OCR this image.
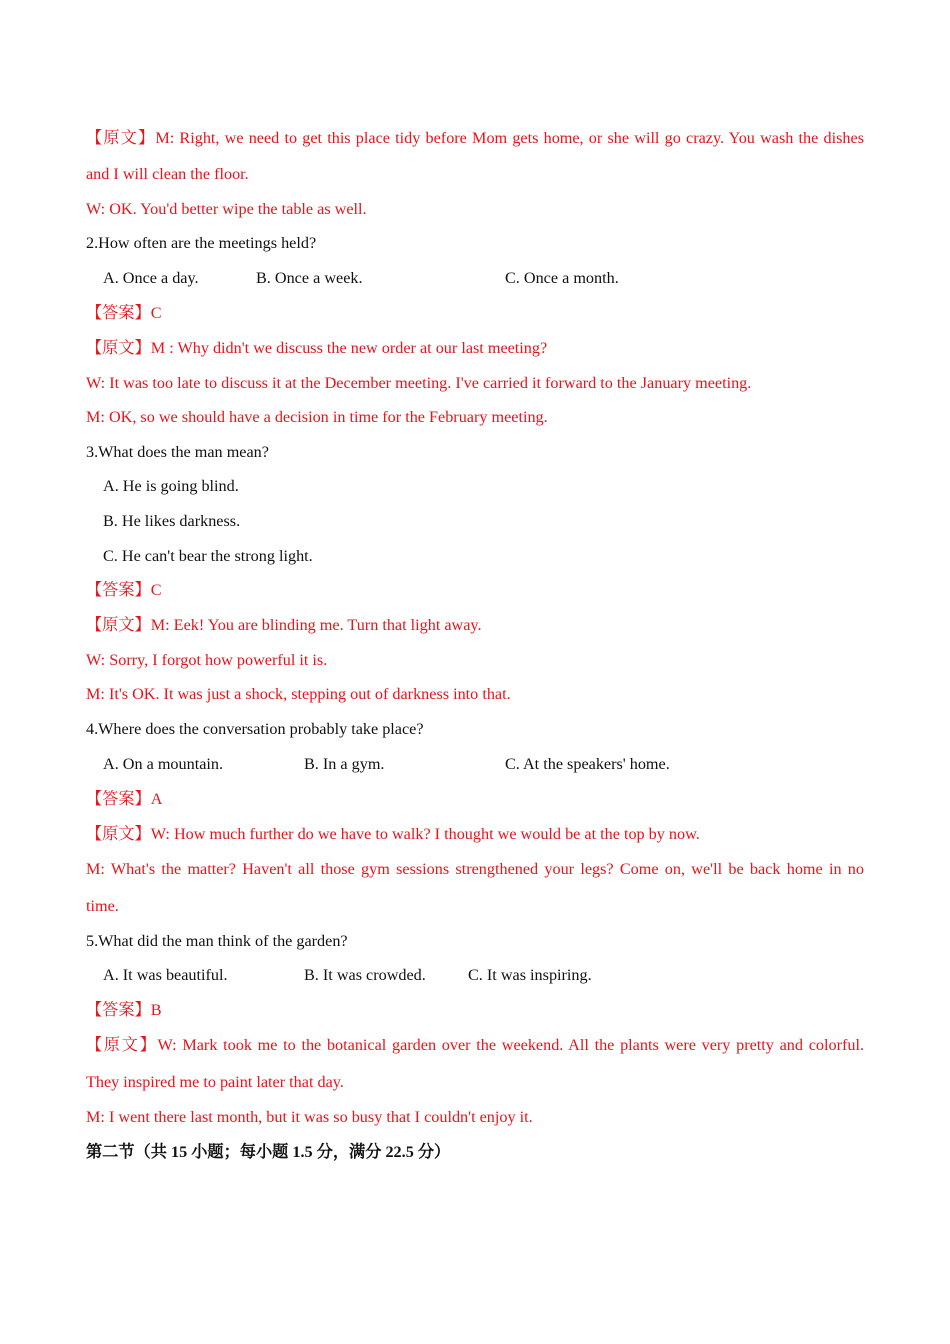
【原文】M: Right, we need to get this place tidy before Mom gets home, or she will go crazy. You wash the dishes
and I will clean the floor.
W: OK. You'd better wipe the table as well.
2.How often are the meetings held?
A. Once a day.	B. Once a week.	C. Once a month.
【答案】C
【原文】M : Why didn't we discuss the new order at our last meeting?
W: It was too late to discuss it at the December meeting. I've carried it forward to the January meeting.
M: OK, so we should have a decision in time for the February meeting.
3.What does the man mean?
A. He is going blind.
B. He likes darkness.
C. He can't bear the strong light.
【答案】C
【原文】M: Eek! You are blinding me. Turn that light away.
W: Sorry, I forgot how powerful it is.
M: It's OK. It was just a shock, stepping out of darkness into that.
4.Where does the conversation probably take place?
A. On a mountain.	B. In a gym.	C. At the speakers' home.
【答案】A
【原文】W: How much further do we have to walk? I thought we would be at the top by now.
M: What's the matter? Haven't all those gym sessions strengthened your legs? Come on, we'll be back home in no
time.
5.What did the man think of the garden?
A. It was beautiful.	B. It was crowded.	C. It was inspiring.
【答案】B
【原文】W: Mark took me to the botanical garden over the weekend. All the plants were very pretty and colorful.
They inspired me to paint later that day.
M: I went there last month, but it was so busy that I couldn't enjoy it.
第二节（共 15 小题；每小题 1.5 分，满分 22.5 分）
